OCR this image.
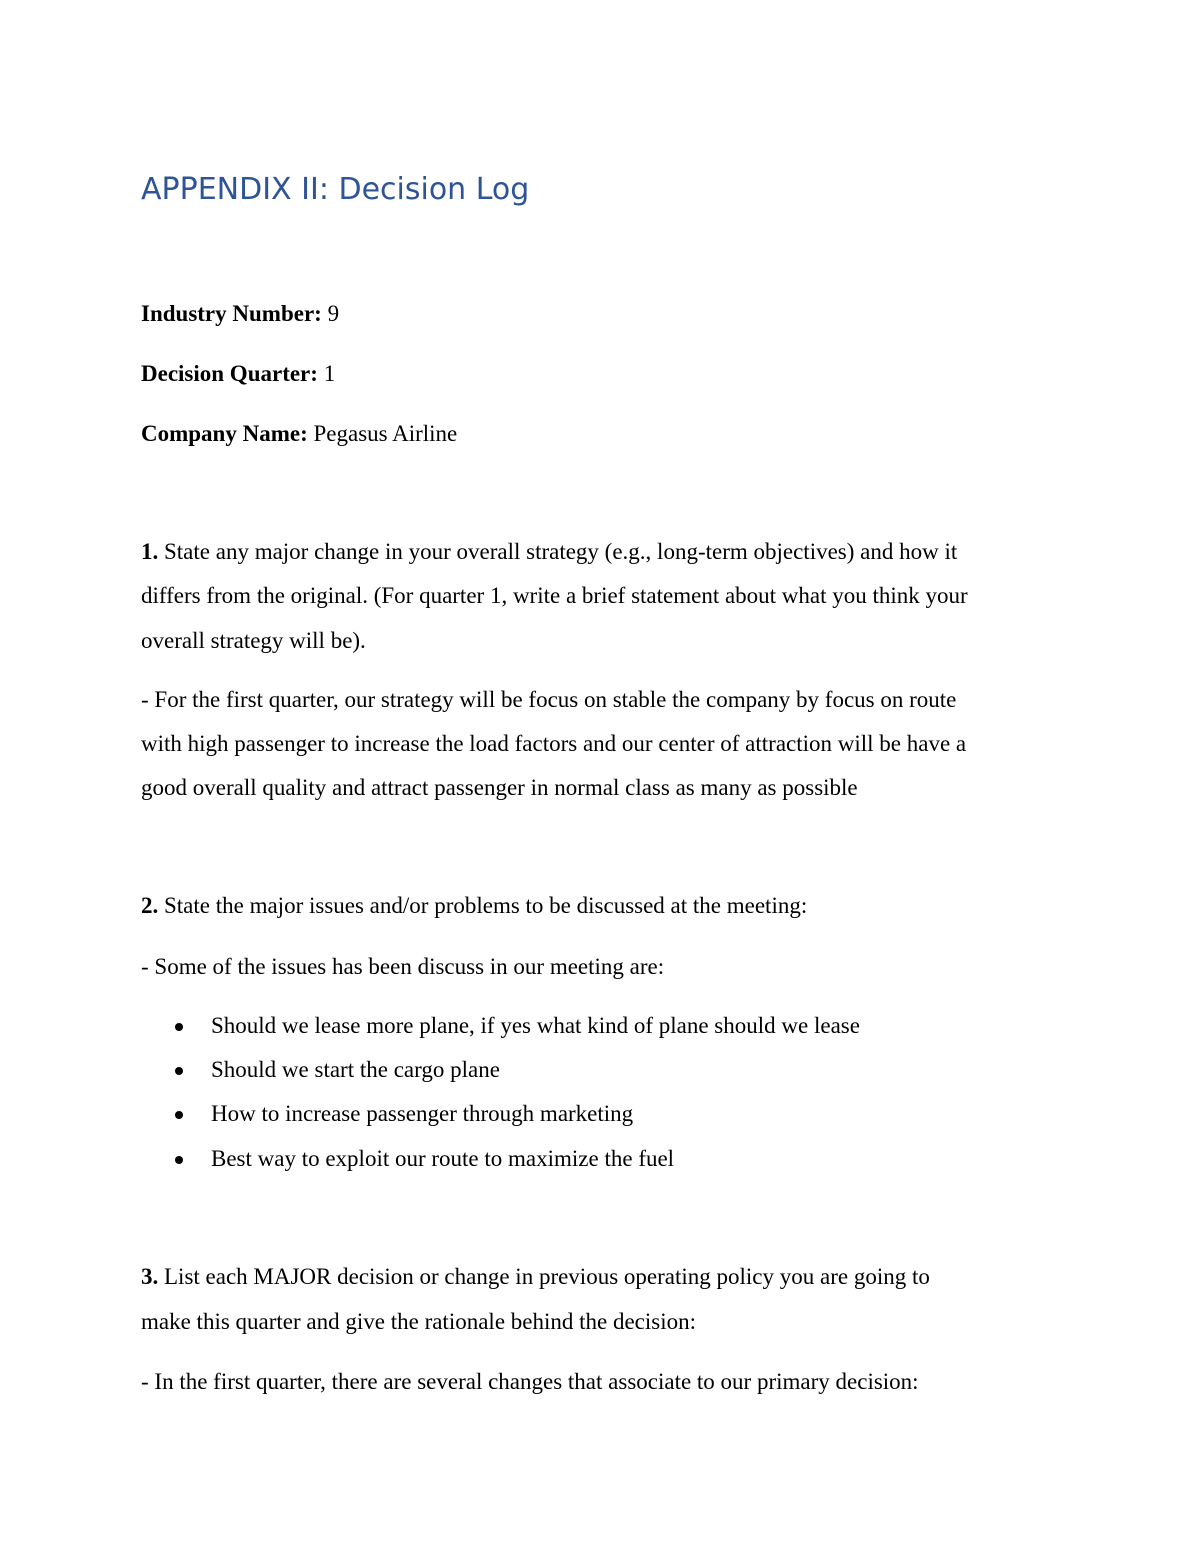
APPENDIX II: Decision Log
Industry Number: 9
Decision Quarter: 1
Company Name: Pegasus Airline
1. State any major change in your overall strategy (e.g., long-term objectives) and how it
differs from the original. (For quarter 1, write a brief statement about what you think your
overall strategy will be).
- For the first quarter, our strategy will be focus on stable the company by focus on route
with high passenger to increase the load factors and our center of attraction will be have a
good overall quality and attract passenger in normal class as many as possible
2. State the major issues and/or problems to be discussed at the meeting:
- Some of the issues has been discuss in our meeting are:
Should we lease more plane, if yes what kind of plane should we lease
Should we start the cargo plane
How to increase passenger through marketing
Best way to exploit our route to maximize the fuel
3. List each MAJOR decision or change in previous operating policy you are going to
make this quarter and give the rationale behind the decision:
- In the first quarter, there are several changes that associate to our primary decision:
